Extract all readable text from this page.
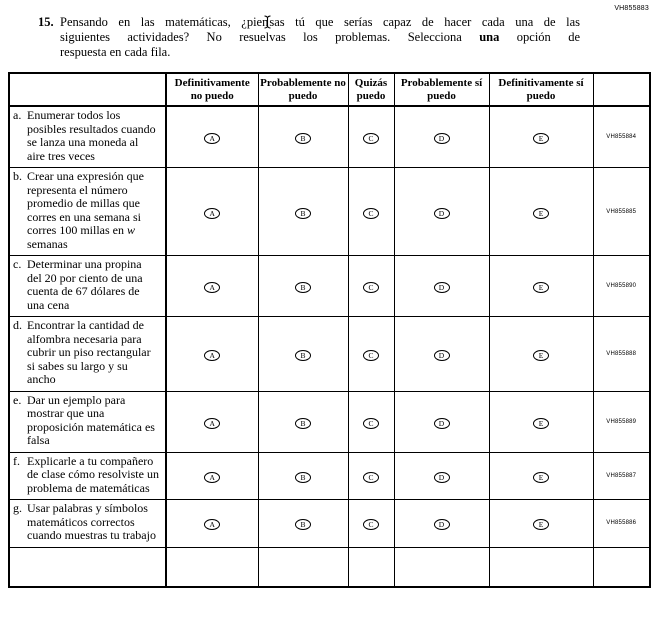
VH855883
15. Pensando en las matemáticas, ¿pien
sas tú que serías capaz de hacer cada una de las
siguientes actividades? No resuelvas los problemas. Selecciona una opción de
respuesta en cada fila.
	Definitivamente no puedo	Probablemente no puedo	Quizás puedo	Probablemente sí puedo	Definitivamente sí puedo	

a. Enumerar todos los posibles resultados cuando se lanza una moneda al aire tres veces	A	B	C	D	E	VH855884

b. Crear una expresión que representa el número promedio de millas que corres en una semana si corres 100 millas en w semanas	A	B	C	D	E	VH855885

c. Determinar una propina del 20 por ciento de una cuenta de 67 dólares de una cena	A	B	C	D	E	VH855890

d. Encontrar la cantidad de alfombra necesaria para cubrir un piso rectangular si sabes su largo y su ancho	A	B	C	D	E	VH855888

e. Dar un ejemplo para mostrar que una proposición matemática es falsa	A	B	C	D	E	VH855889

f. Explicarle a tu compañero de clase cómo resolviste un problema de matemáticas	A	B	C	D	E	VH855887

g. Usar palabras y símbolos matemáticos correctos cuando muestras tu trabajo	A	B	C	D	E	VH855886
